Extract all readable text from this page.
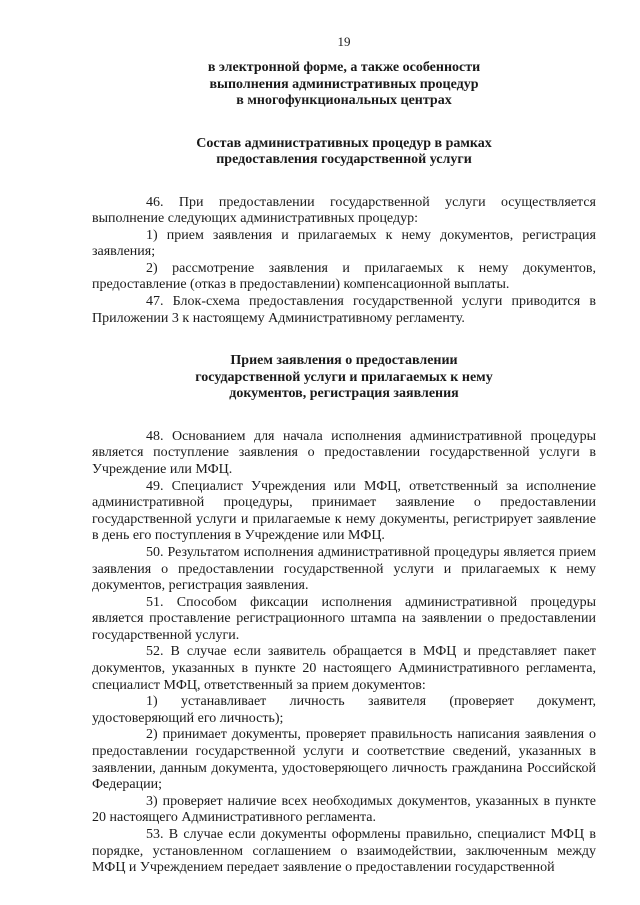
19
в электронной форме, а также особенности
выполнения административных процедур
в многофункциональных центрах
Состав административных процедур в рамках
предоставления государственной услуги

46. При предоставлении государственной услуги осуществляется выполнение следующих административных процедур:

1) прием заявления и прилагаемых к нему документов, регистрация заявления;

2) рассмотрение заявления и прилагаемых к нему документов, предоставление (отказ в предоставлении) компенсационной выплаты.

47. Блок-схема предоставления государственной услуги приводится в Приложении 3 к настоящему Административному регламенту.

Прием заявления о предоставлении
государственной услуги и прилагаемых к нему
документов, регистрация заявления

48. Основанием для начала исполнения административной процедуры является поступление заявления о предоставлении государственной услуги в Учреждение или МФЦ.

49. Специалист Учреждения или МФЦ, ответственный за исполнение административной процедуры, принимает заявление о предоставлении государственной услуги и прилагаемые к нему документы, регистрирует заявление в день его поступления в Учреждение или МФЦ.

50. Результатом исполнения административной процедуры является прием заявления о предоставлении государственной услуги и прилагаемых к нему документов, регистрация заявления.

51. Способом фиксации исполнения административной процедуры является проставление регистрационного штампа на заявлении о предоставлении государственной услуги.

52. В случае если заявитель обращается в МФЦ и представляет пакет документов, указанных в пункте 20 настоящего Административного регламента, специалист МФЦ, ответственный за прием документов:

1) устанавливает личность заявителя (проверяет документ, удостоверяющий его личность);

2) принимает документы, проверяет правильность написания заявления о предоставлении государственной услуги и соответствие сведений, указанных в заявлении, данным документа, удостоверяющего личность гражданина Российской Федерации;

3) проверяет наличие всех необходимых документов, указанных в пункте 20 настоящего Административного регламента.

53. В случае если документы оформлены правильно, специалист МФЦ в порядке, установленном соглашением о взаимодействии, заключенным между МФЦ и Учреждением передает заявление о предоставлении государственной
